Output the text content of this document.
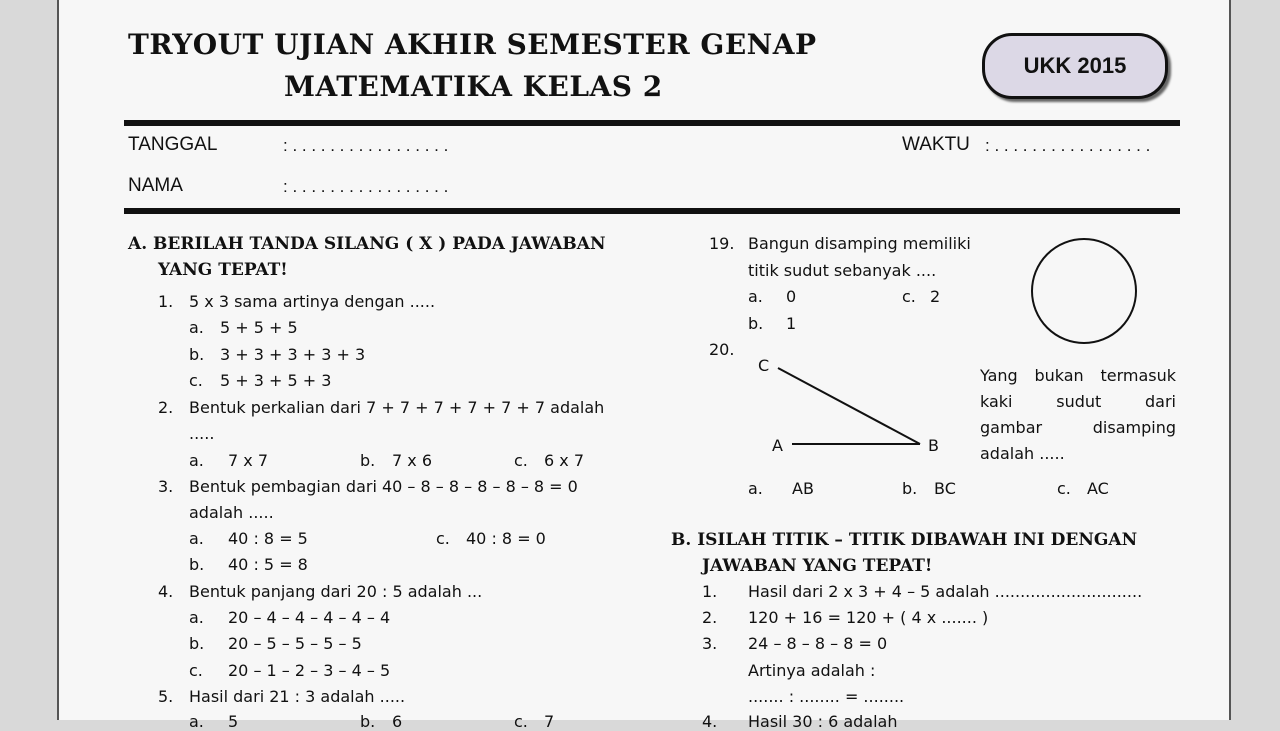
TRYOUT UJIAN AKHIR SEMESTER GENAP
MATEMATIKA KELAS 2
UKK 2015
TANGGAL	: . . . . . . . . . . . . . . . . .	WAKTU : . . . . . . . . . . . . . . . . .
NAMA	: . . . . . . . . . . . . . . . . .
A. BERILAH TANDA SILANG ( X ) PADA JAWABAN
YANG TEPAT!
1. 5 x 3 sama artinya dengan .....
a. 5 + 5 + 5
b. 3 + 3 + 3 + 3 + 3
c. 5 + 3 + 5 + 3
2. Bentuk perkalian dari 7 + 7 + 7 + 7 + 7 + 7 adalah
.....
a. 7 x 7	b. 7 x 6	c. 6 x 7
3. Bentuk pembagian dari 40 – 8 – 8 – 8 – 8 – 8 = 0
adalah .....
a. 40 : 8 = 5	c. 40 : 8 = 0
b. 40 : 5 = 8
4. Bentuk panjang dari 20 : 5 adalah ...
a. 20 – 4 – 4 – 4 – 4 – 4
b. 20 – 5 – 5 – 5 – 5
c. 20 – 1 – 2 – 3 – 4 – 5
5. Hasil dari 21 : 3 adalah .....
a. 5	b. 6	c. 7
19. Bangun disamping memiliki
titik sudut sebanyak ....
a. 0	c. 2
b. 1
20.
C
A	B
Yang bukan termasuk
kaki sudut dari
gambar disamping
adalah .....
a. AB	b. BC	c. AC
B. ISILAH TITIK – TITIK DIBAWAH INI DENGAN
JAWABAN YANG TEPAT!
1. Hasil dari 2 x 3 + 4 – 5 adalah .............................
2. 120 + 16 = 120 + ( 4 x ....... )
3. 24 – 8 – 8 – 8 = 0
Artinya adalah :
....... : ........ = ........
4. Hasil 30 : 6 adalah
